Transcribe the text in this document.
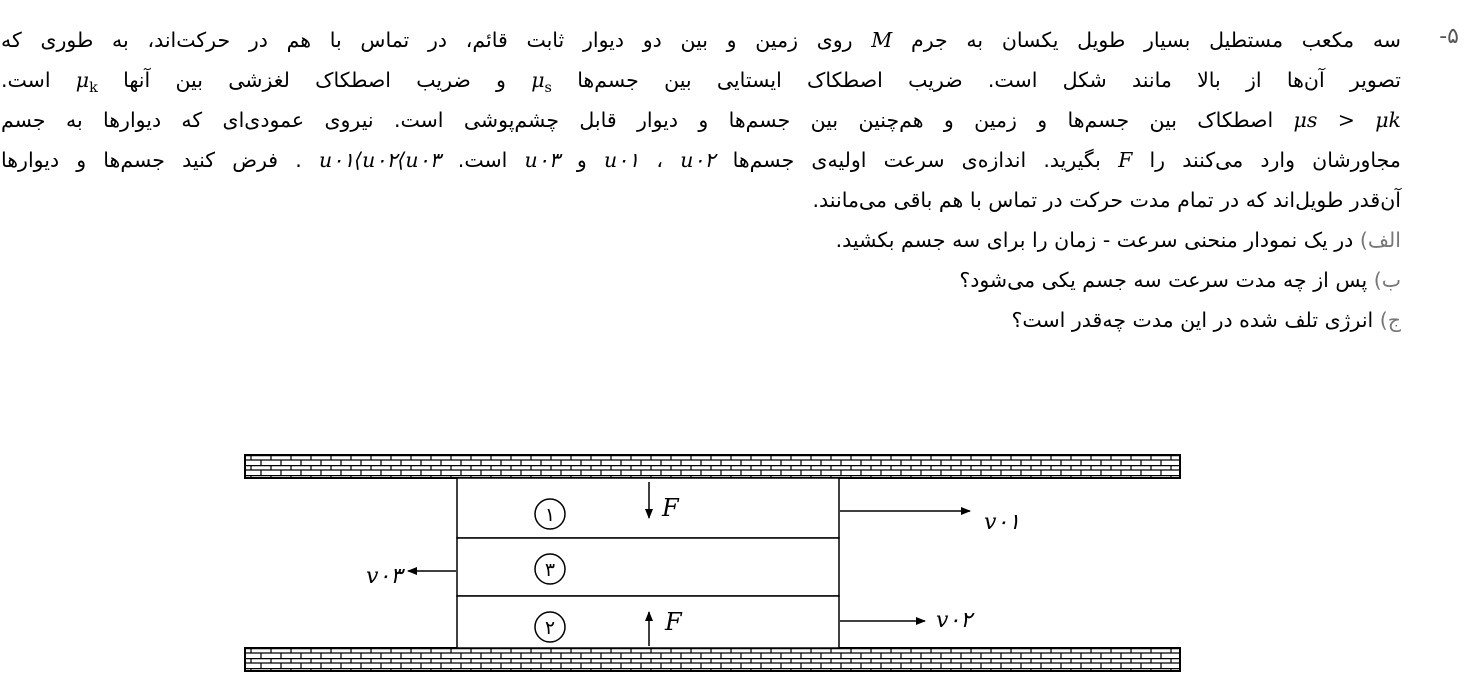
-۵
سه مکعب مستطیل بسیار طویل یکسان به جرم M روی زمین و بین دو دیوار ثابت قائم، در تماس با هم در حرکت‌اند، به طوری که
تصویر آن‌ها از بالا مانند شکل است. ضریب اصطکاک ایستایی بین جسم‌ها $\mu_s$ و ضریب اصطکاک لغزشی بین آنها $\mu_k$ است.
μs > μk اصطکاک بین جسم‌ها و زمین و هم‌چنین بین جسم‌ها و دیوار قابل چشم‌پوشی است. نیروی عمودی‌ای که دیوارها به جسم
مجاورشان وارد می‌کنند را F بگیرید. اندازه‌ی سرعت اولیه‌ی جسم‌ها u۰۱ ، u۰۲ و u۰۳ است. u۰۱⟨u۰۲⟨u۰۳ . فرض کنید جسم‌ها و دیوارها
آن‌قدر طویل‌اند که در تمام مدت حرکت در تماس با هم باقی می‌مانند.
الف) در یک نمودار منحنی سرعت - زمان را برای سه جسم بکشید.
ب) پس از چه مدت سرعت سه جسم یکی می‌شود؟
ج) انرژی تلف شده در این مدت چه‌قدر است؟
۱
۳
۲
F
F
v۰۱
v۰۲
v۰۳
